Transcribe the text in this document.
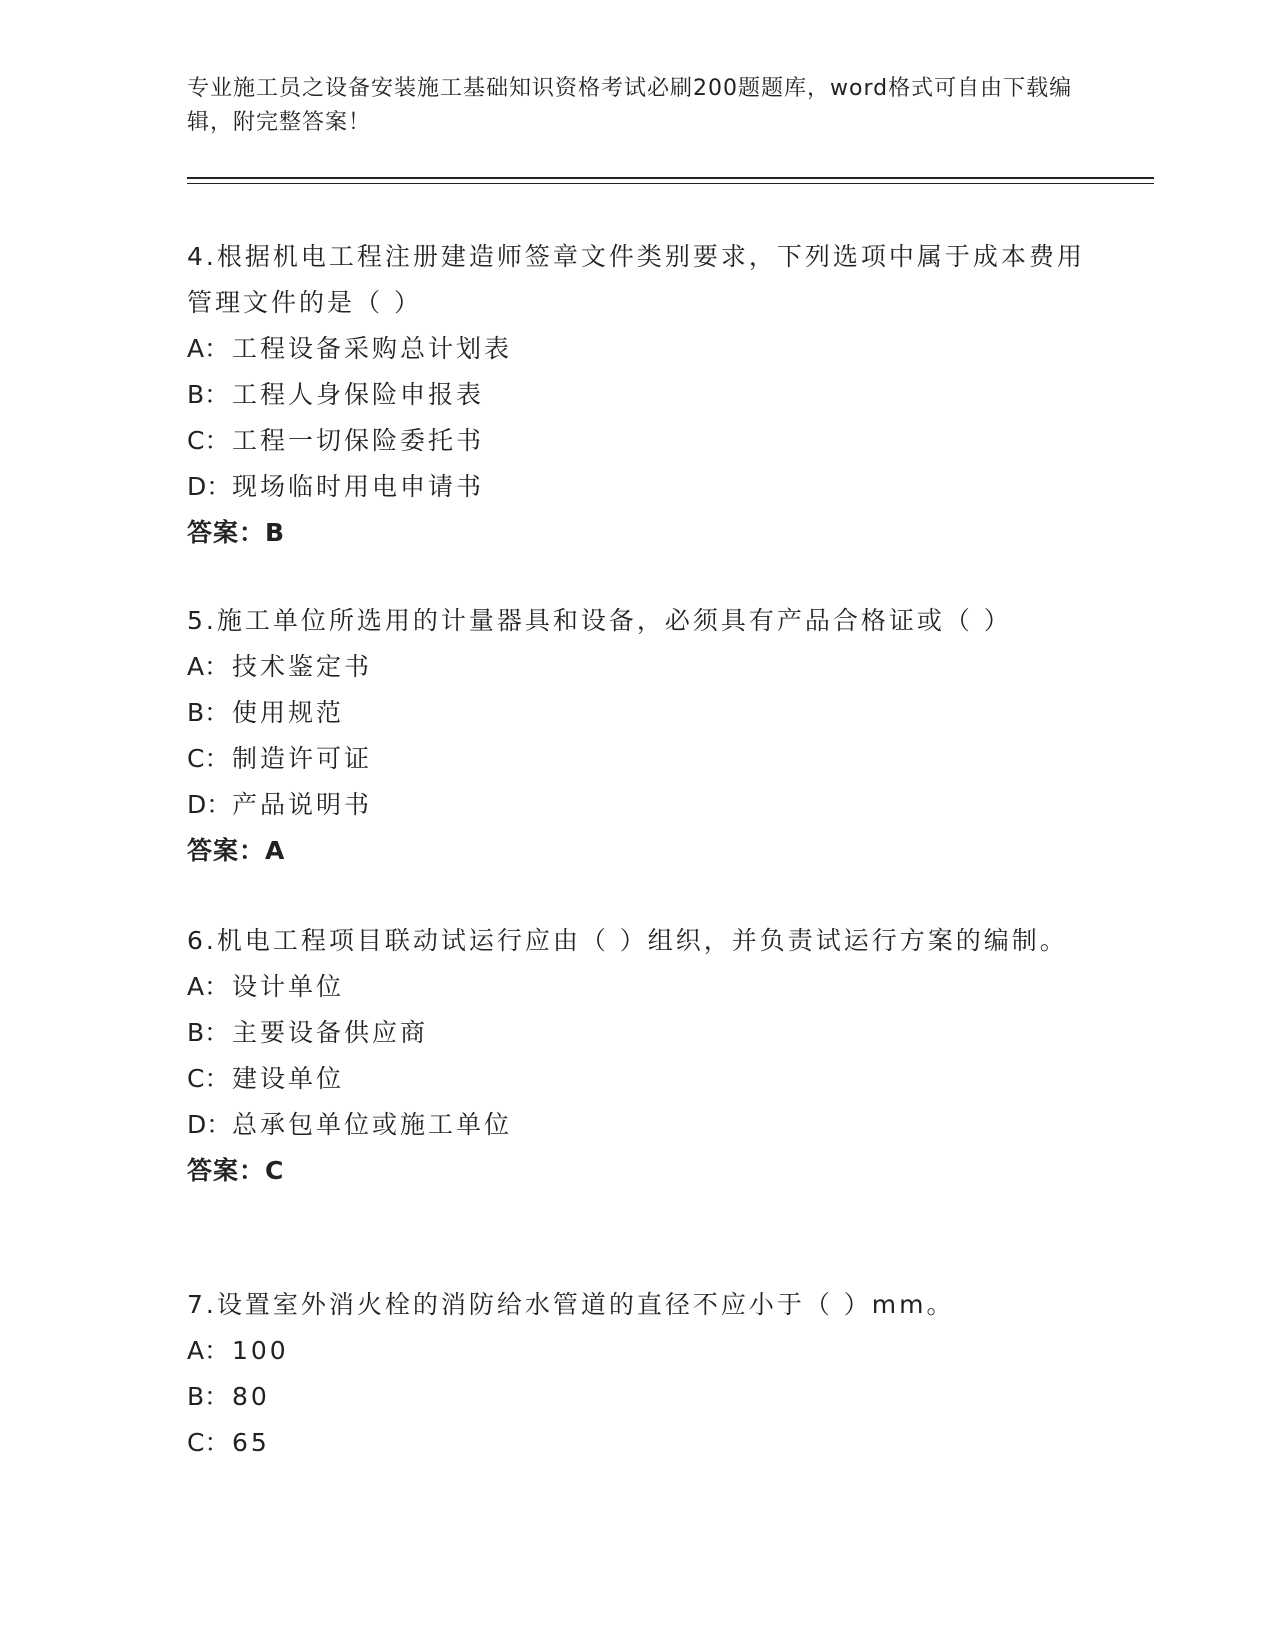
专业施工员之设备安装施工基础知识资格考试必刷200题题库，word格式可自由下载编辑，附完整答案！
4.根据机电工程注册建造师签章文件类别要求，下列选项中属于成本费用管理文件的是（ ）
A： 工程设备采购总计划表
B： 工程人身保险申报表
C： 工程一切保险委托书
D：现场临时用电申请书
答案：B
5.施工单位所选用的计量器具和设备，必须具有产品合格证或（ ）
A： 技术鉴定书
B： 使用规范
C： 制造许可证
D：产品说明书
答案：A
6.机电工程项目联动试运行应由（ ）组织，并负责试运行方案的编制。
A： 设计单位
B： 主要设备供应商
C： 建设单位
D：总承包单位或施工单位
答案：C
7.设置室外消火栓的消防给水管道的直径不应小于（ ）mm。
A： 100
B： 80
C： 65
